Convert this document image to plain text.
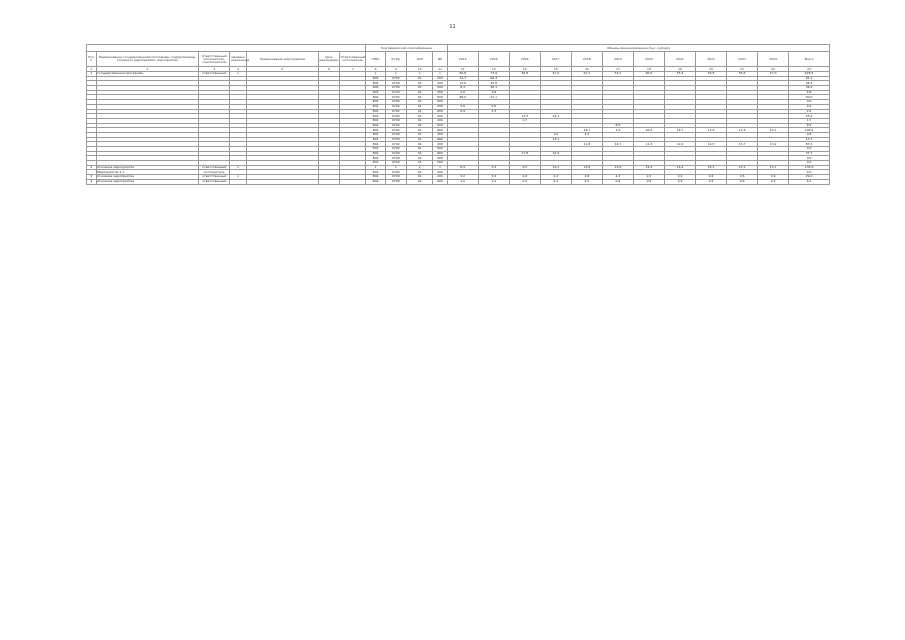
11
							Код бюджетной классификации				Объемы финансирования (тыс. рублей)											
N п/п	Наименование государственной программы, подпрограммы, основного мероприятия, мероприятия	Ответственный исполнитель, соисполнители	Целевое назначение	Наименование мероприятия	Срок реализации	Ответственный исполнитель	ГРБС	Рз Пр	ЦСР	ВР	2014	2015	2016	2017	2018	2019	2020	2021	2022	2023	2024	Всего
1	2	3	4	5	6	7	8	9	10	11	12	13	14	15	16	17	18	19	20	21	22	23
1	Государственная программа	ответственный	х				х	х	х	х	66,8	73,9	48,8	51,0	51,1	53,2	60,5	55,3	52,8	55,6	57,0	626,5
							804	0702	01	200	14,7	66,4										81,1
							804	0709	01	200	12,6	15,6										28,2
							804	0709	01	600	8,3	28,1										36,4
							804	0709	01	200	2,0	4,8										6,8
							804	0702	01	600	48,9	41,1										90,0
							804	0709	01	600												0,0
							804	0702	01	200	3,6	5,6										9,2
							804	0702	01	600	0,9	1,3										2,2
							804	0702	01	200			13,3	12,1								25,4
							804	0709	01	200			1,7									1,7
							804	0702	01	600						8,5						8,5
							804	0702	01	600					22,7	1,9	20,4	14,7	17,5	13,3	14,7	105,2
							804	0709	01	200				1,6	3,2							4,8
							804	0709	01	600				13,1								13,1
							804	0702	01	200					11,8	12,7	11,3	12,2	12,5	13,7	13,2	87,4
							804	0702	01	600												0,0
							804	0709	01	600			17,8	19,9								37,7
							804	0709	01	200												0,0
							804	0702	01	200												0,0
2	Основное мероприятие	ответственный	х				х	х	х	х	6,9	7,4	4,5	12,1	13,8	13,6	15,2	14,4	15,3	15,1	15,7	134,0
	Мероприятие 2.1	исполнитель					804	0702	01	200												0,0
3	Основное мероприятие	ответственный	х				804	0709	01	200	3,2	3,4	2,6	2,2	2,8	2,3	2,3	2,4	2,6	2,6	2,6	29,0
4	Основное мероприятие	ответственный					804	0709	01	600	1,0	1,2	0,5	0,4	0,5	0,6	0,5	0,5	0,5	0,5	0,5	6,7
